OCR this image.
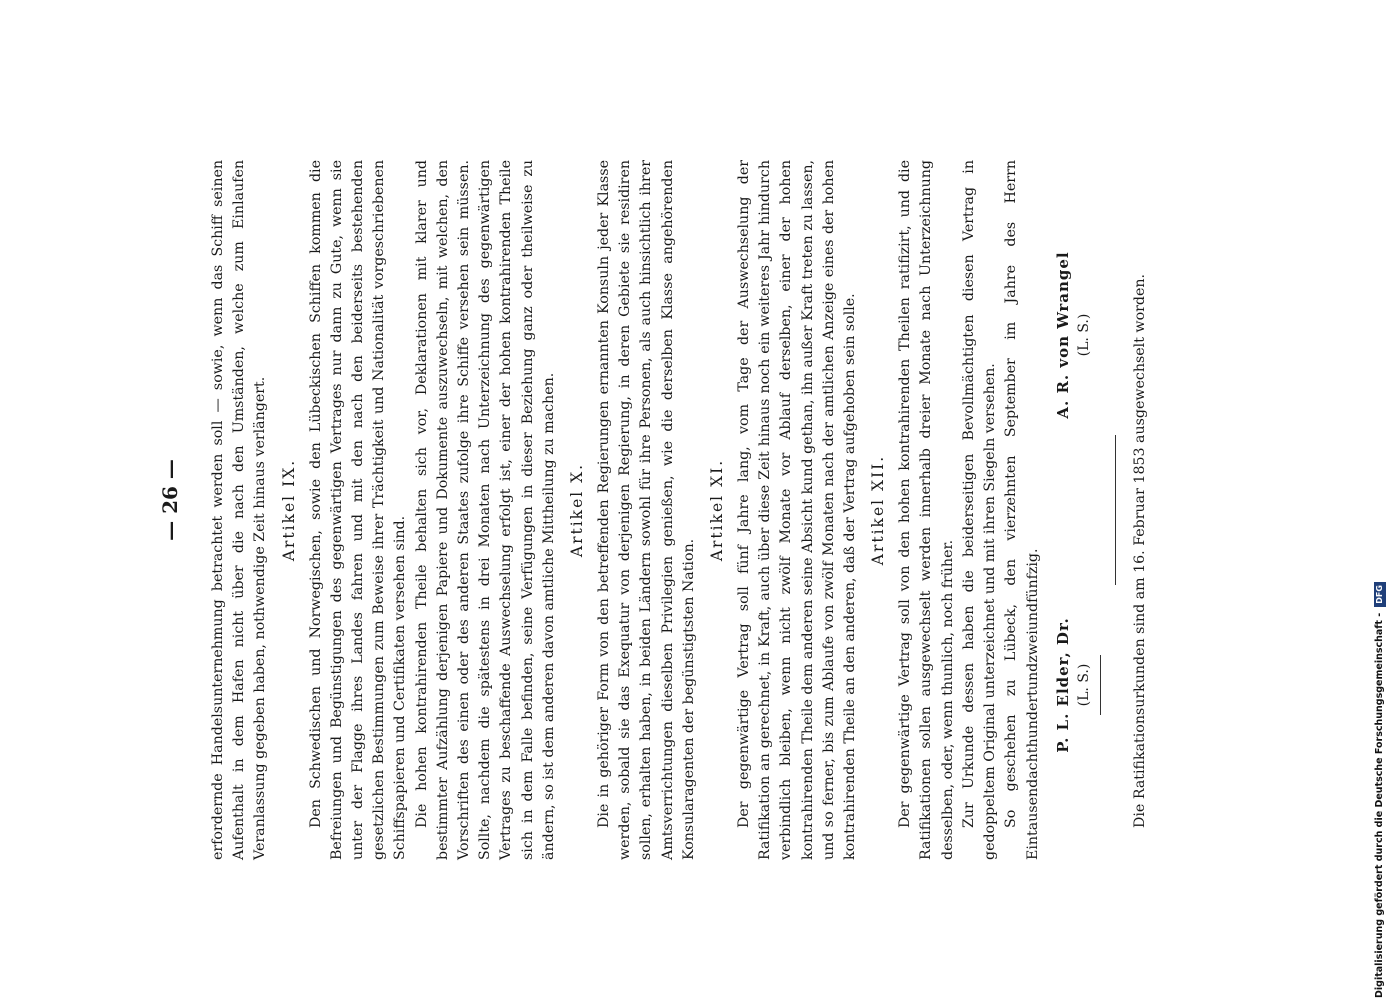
— 26 —	erfordernde Handelsunternehmung betrachtet werden soll — sowie, wenn das Schiff seinen Aufenthalt in dem Hafen nicht über die nach den Umständen, welche zum Einlaufen Veranlassung gegeben haben, nothwendige Zeit hinaus verlängert. Artikel IX. Den Schwedischen und Norwegischen, sowie den Lübeckischen Schiffen kommen die Befreiungen und Begünstigungen des gegenwärtigen Vertrages nur dann zu Gute, wenn sie unter der Flagge ihres Landes fahren und mit den nach den beiderseits bestehenden gesetzlichen Bestimmungen zum Beweise ihrer Trächtigkeit und Nationalität vorgeschriebenen Schiffspapieren und Certifikaten versehen sind. Die hohen kontrahirenden Theile behalten sich vor, Deklarationen mit klarer und bestimmter Aufzählung derjenigen Papiere und Dokumente auszuwechseln, mit welchen, den Vorschriften des einen oder des anderen Staates zufolge ihre Schiffe versehen sein müssen. Sollte, nachdem die spätestens in drei Monaten nach Unterzeichnung des gegenwärtigen Vertrages zu beschaffende Auswechselung erfolgt ist, einer der hohen kontrahirenden Theile sich in dem Falle befinden, seine Verfügungen in dieser Beziehung ganz oder theilweise zu ändern, so ist dem anderen davon amtliche Mittheilung zu machen. Artikel X. Die in gehöriger Form von den betreffenden Regierungen ernannten Konsuln jeder Klasse werden, sobald sie das Exequatur von derjenigen Regierung, in deren Gebiete sie residiren sollen, erhalten haben, in beiden Ländern sowohl für ihre Personen, als auch hinsichtlich ihrer Amtsverrichtungen dieselben Privilegien genießen, wie die derselben Klasse angehörenden Konsularagenten der begünstigtsten Nation.

Artikel XI. Der gegenwärtige Vertrag soll fünf Jahre lang, vom Tage der Auswechselung der Ratifikation an gerechnet, in Kraft, auch über diese Zeit hinaus noch ein weiteres Jahr hindurch verbindlich bleiben, wenn nicht zwölf Monate vor Ablauf derselben, einer der hohen kontrahirenden Theile dem anderen seine Absicht kund gethan, ihn außer Kraft treten zu lassen, und so ferner, bis zum Ablaufe von zwölf Monaten nach der amtlichen Anzeige eines der hohen kontrahirenden Theile an den anderen, daß der Vertrag aufgehoben sein solle. Artikel XII. Der gegenwärtige Vertrag soll von den hohen kontrahirenden Theilen ratifizirt, und die Ratifikationen sollen ausgewechselt werden innerhalb dreier Monate nach Unterzeichnung desselben, oder, wenn thunlich, noch früher. Zur Urkunde dessen haben die beiderseitigen Bevollmächtigten diesen Vertrag in gedoppeltem Original unterzeichnet und mit ihren Siegeln versehen. So geschehen zu Lübeck, den vierzehnten September im Jahre des Herrn Eintausendachthundertundzweiundfünfzig. P. L. Elder, Dr. (L. S.)
A. R. von Wrangel (L. S.)	Die Ratifikationsurkunden sind am 16. Februar 1853 ausgewechselt worden.	Digitalisierung gefördert durch die Deutsche Forschungsgemeinschaft -
DFG
